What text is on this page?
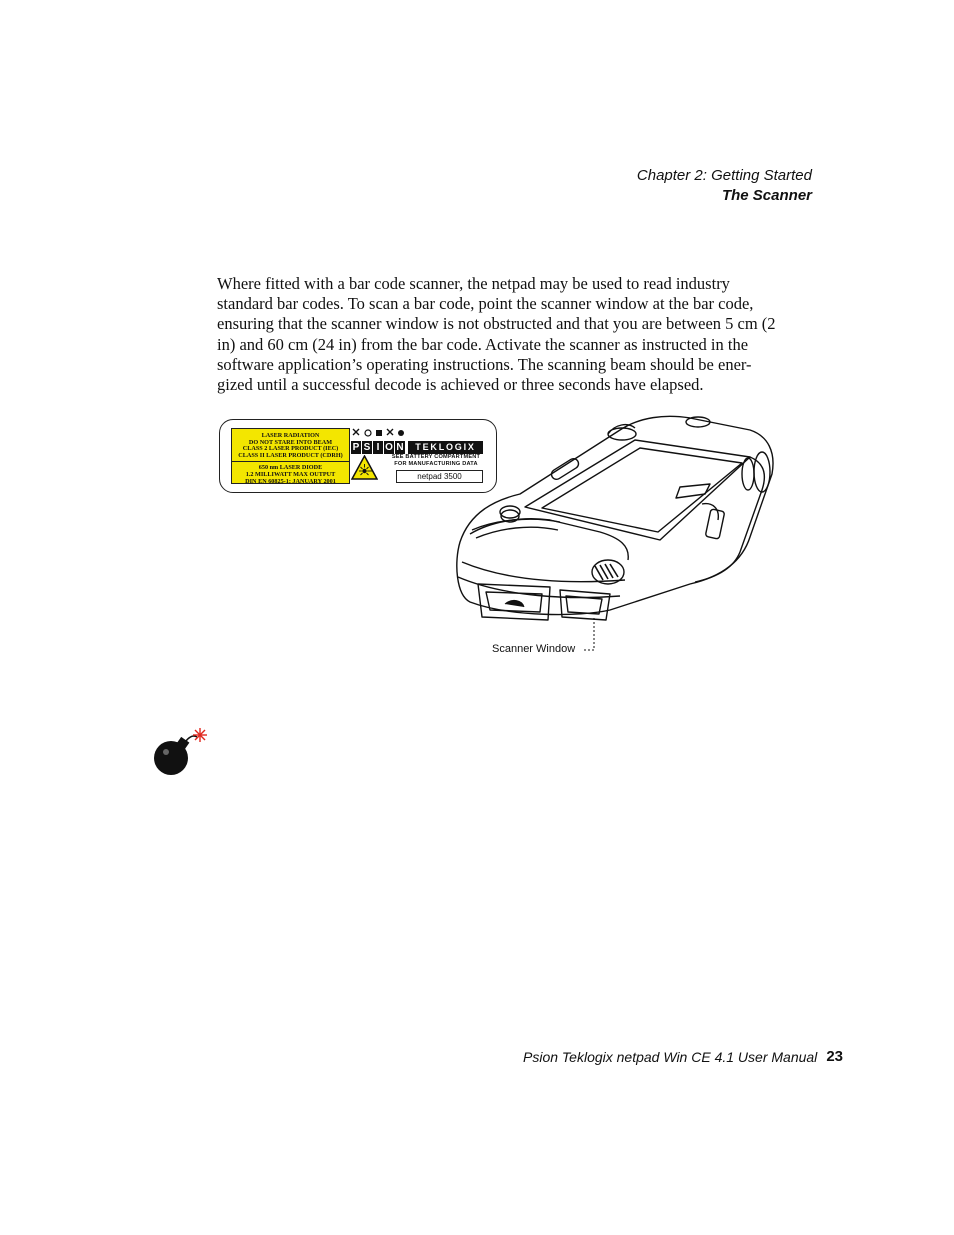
Chapter 2: Getting Started
The Scanner

Where fitted with a bar code scanner, the netpad may be used to read industry standard bar codes. To scan a bar code, point the scanner window at the bar code, ensuring that the scanner window is not obstructed and that you are between 5 cm (2 in) and 60 cm (24 in) from the bar code. Activate the scanner as instructed in the software application’s operating instructions. The scanning beam should be ener-gized until a successful decode is achieved or three seconds have elapsed.

LASER RADIATION
DO NOT STARE INTO BEAM
CLASS 2 LASER PRODUCT (IEC)
CLASS II LASER PRODUCT (CDRH)
650 nm LASER DIODE
1.2 MILLIWATT MAX OUTPUT
DIN EN 60825-1: JANUARY 2001
P S I O N	TEKLOGIX
SEE BATTERY COMPARTMENT
FOR MANUFACTURING DATA
netpad 3500
Scanner Window
Psion Teklogix netpad Win CE 4.1 User Manual 23
